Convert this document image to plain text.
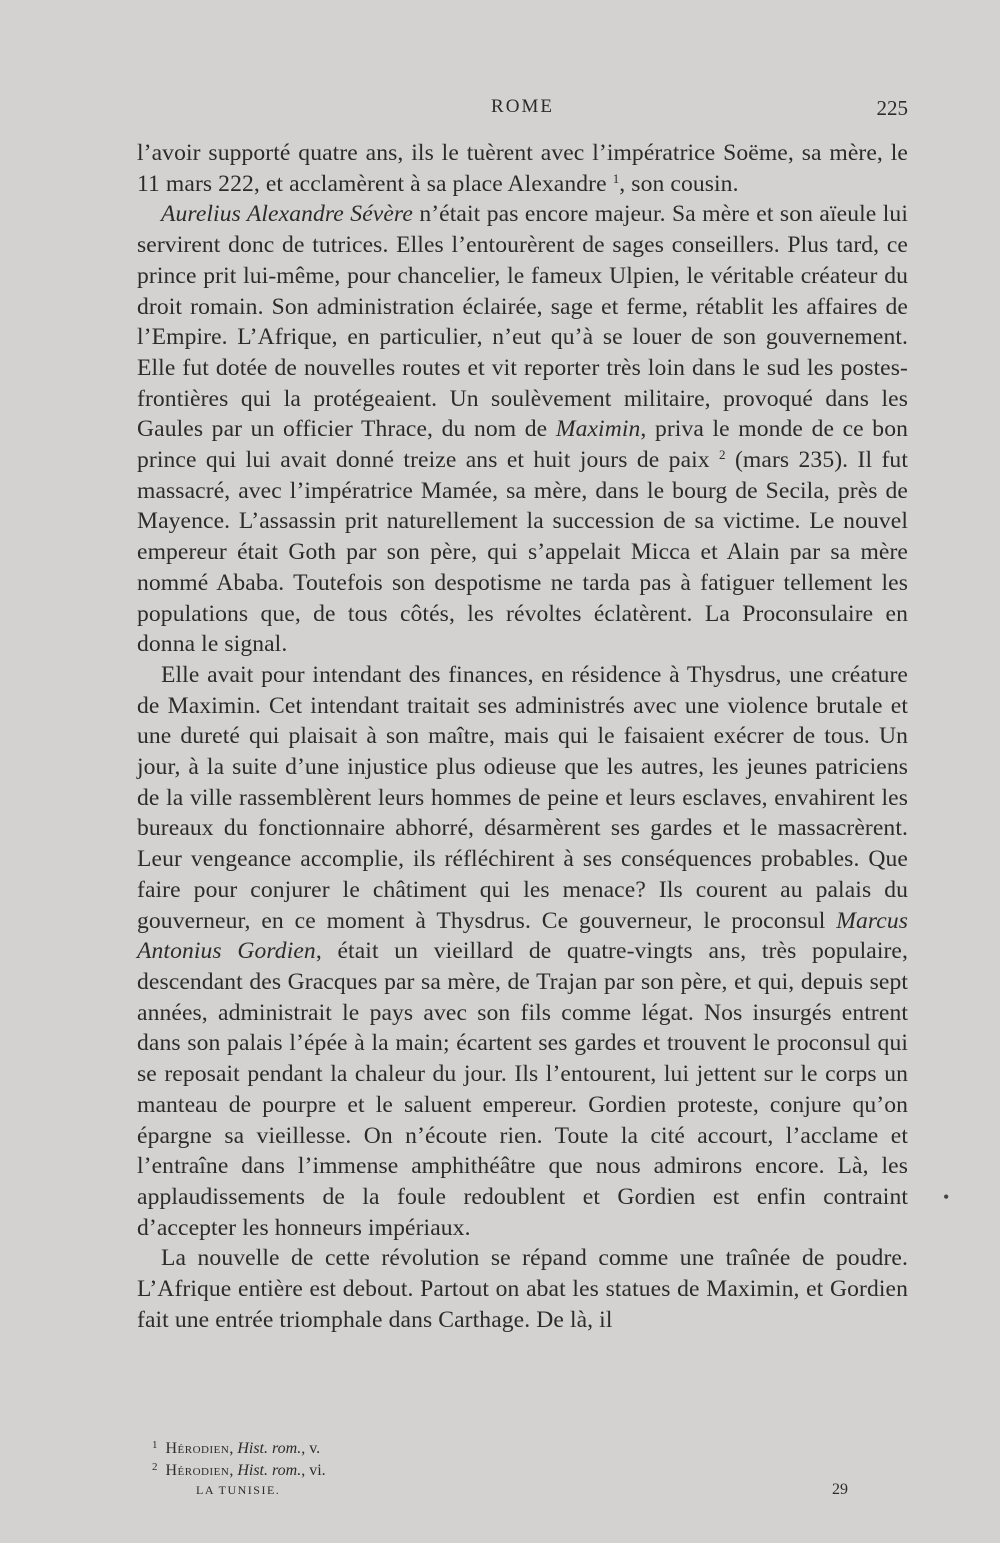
ROME	225

l’avoir supporté quatre ans, ils le tuèrent avec l’impératrice Soëme, sa mère, le 11 mars 222, et acclamèrent à sa place Alexandre $^1$, son cousin.

Aurelius Alexandre Sévère n’était pas encore majeur. Sa mère et son aïeule lui servirent donc de tutrices. Elles l’entourèrent de sages conseillers. Plus tard, ce prince prit lui-même, pour chancelier, le fameux Ulpien, le véritable créateur du droit romain. Son administration éclairée, sage et ferme, rétablit les affaires de l’Empire. L’Afrique, en particulier, n’eut qu’à se louer de son gouvernement. Elle fut dotée de nouvelles routes et vit reporter très loin dans le sud les postes-frontières qui la protégeaient. Un soulèvement militaire, provoqué dans les Gaules par un officier Thrace, du nom de Maximin, priva le monde de ce bon prince qui lui avait donné treize ans et huit jours de paix $^2$ (mars 235). Il fut massacré, avec l’impératrice Mamée, sa mère, dans le bourg de Secila, près de Mayence. L’assassin prit naturellement la succession de sa victime. Le nouvel empereur était Goth par son père, qui s’appelait Micca et Alain par sa mère nommé Ababa. Toutefois son despotisme ne tarda pas à fatiguer tellement les populations que, de tous côtés, les révoltes éclatèrent. La Proconsulaire en donna le signal.

Elle avait pour intendant des finances, en résidence à Thysdrus, une créature de Maximin. Cet intendant traitait ses administrés avec une violence brutale et une dureté qui plaisait à son maître, mais qui le faisaient exécrer de tous. Un jour, à la suite d’une injustice plus odieuse que les autres, les jeunes patriciens de la ville rassemblèrent leurs hommes de peine et leurs esclaves, envahirent les bureaux du fonctionnaire abhorré, désarmèrent ses gardes et le massacrèrent. Leur vengeance accomplie, ils réfléchirent à ses conséquences probables. Que faire pour conjurer le châtiment qui les menace? Ils courent au palais du gouverneur, en ce moment à Thysdrus. Ce gouverneur, le proconsul Marcus Antonius Gordien, était un vieillard de quatre-vingts ans, très populaire, descendant des Gracques par sa mère, de Trajan par son père, et qui, depuis sept années, administrait le pays avec son fils comme légat. Nos insurgés entrent dans son palais l’épée à la main; écartent ses gardes et trouvent le proconsul qui se reposait pendant la chaleur du jour. Ils l’entourent, lui jettent sur le corps un manteau de pourpre et le saluent empereur. Gordien proteste, conjure qu’on épargne sa vieillesse. On n’écoute rien. Toute la cité accourt, l’acclame et l’entraîne dans l’immense amphithéâtre que nous admirons encore. Là, les applaudissements de la foule redoublent et Gordien est enfin contraint d’accepter les honneurs impériaux.

La nouvelle de cette révolution se répand comme une traînée de poudre. L’Afrique entière est debout. Partout on abat les statues de Maximin, et Gordien fait une entrée triomphale dans Carthage. De là, il

$^1$ Hérodien, Hist. rom., v.
$^2$ Hérodien, Hist. rom., vi.
LA TUNISIE.	29
•
